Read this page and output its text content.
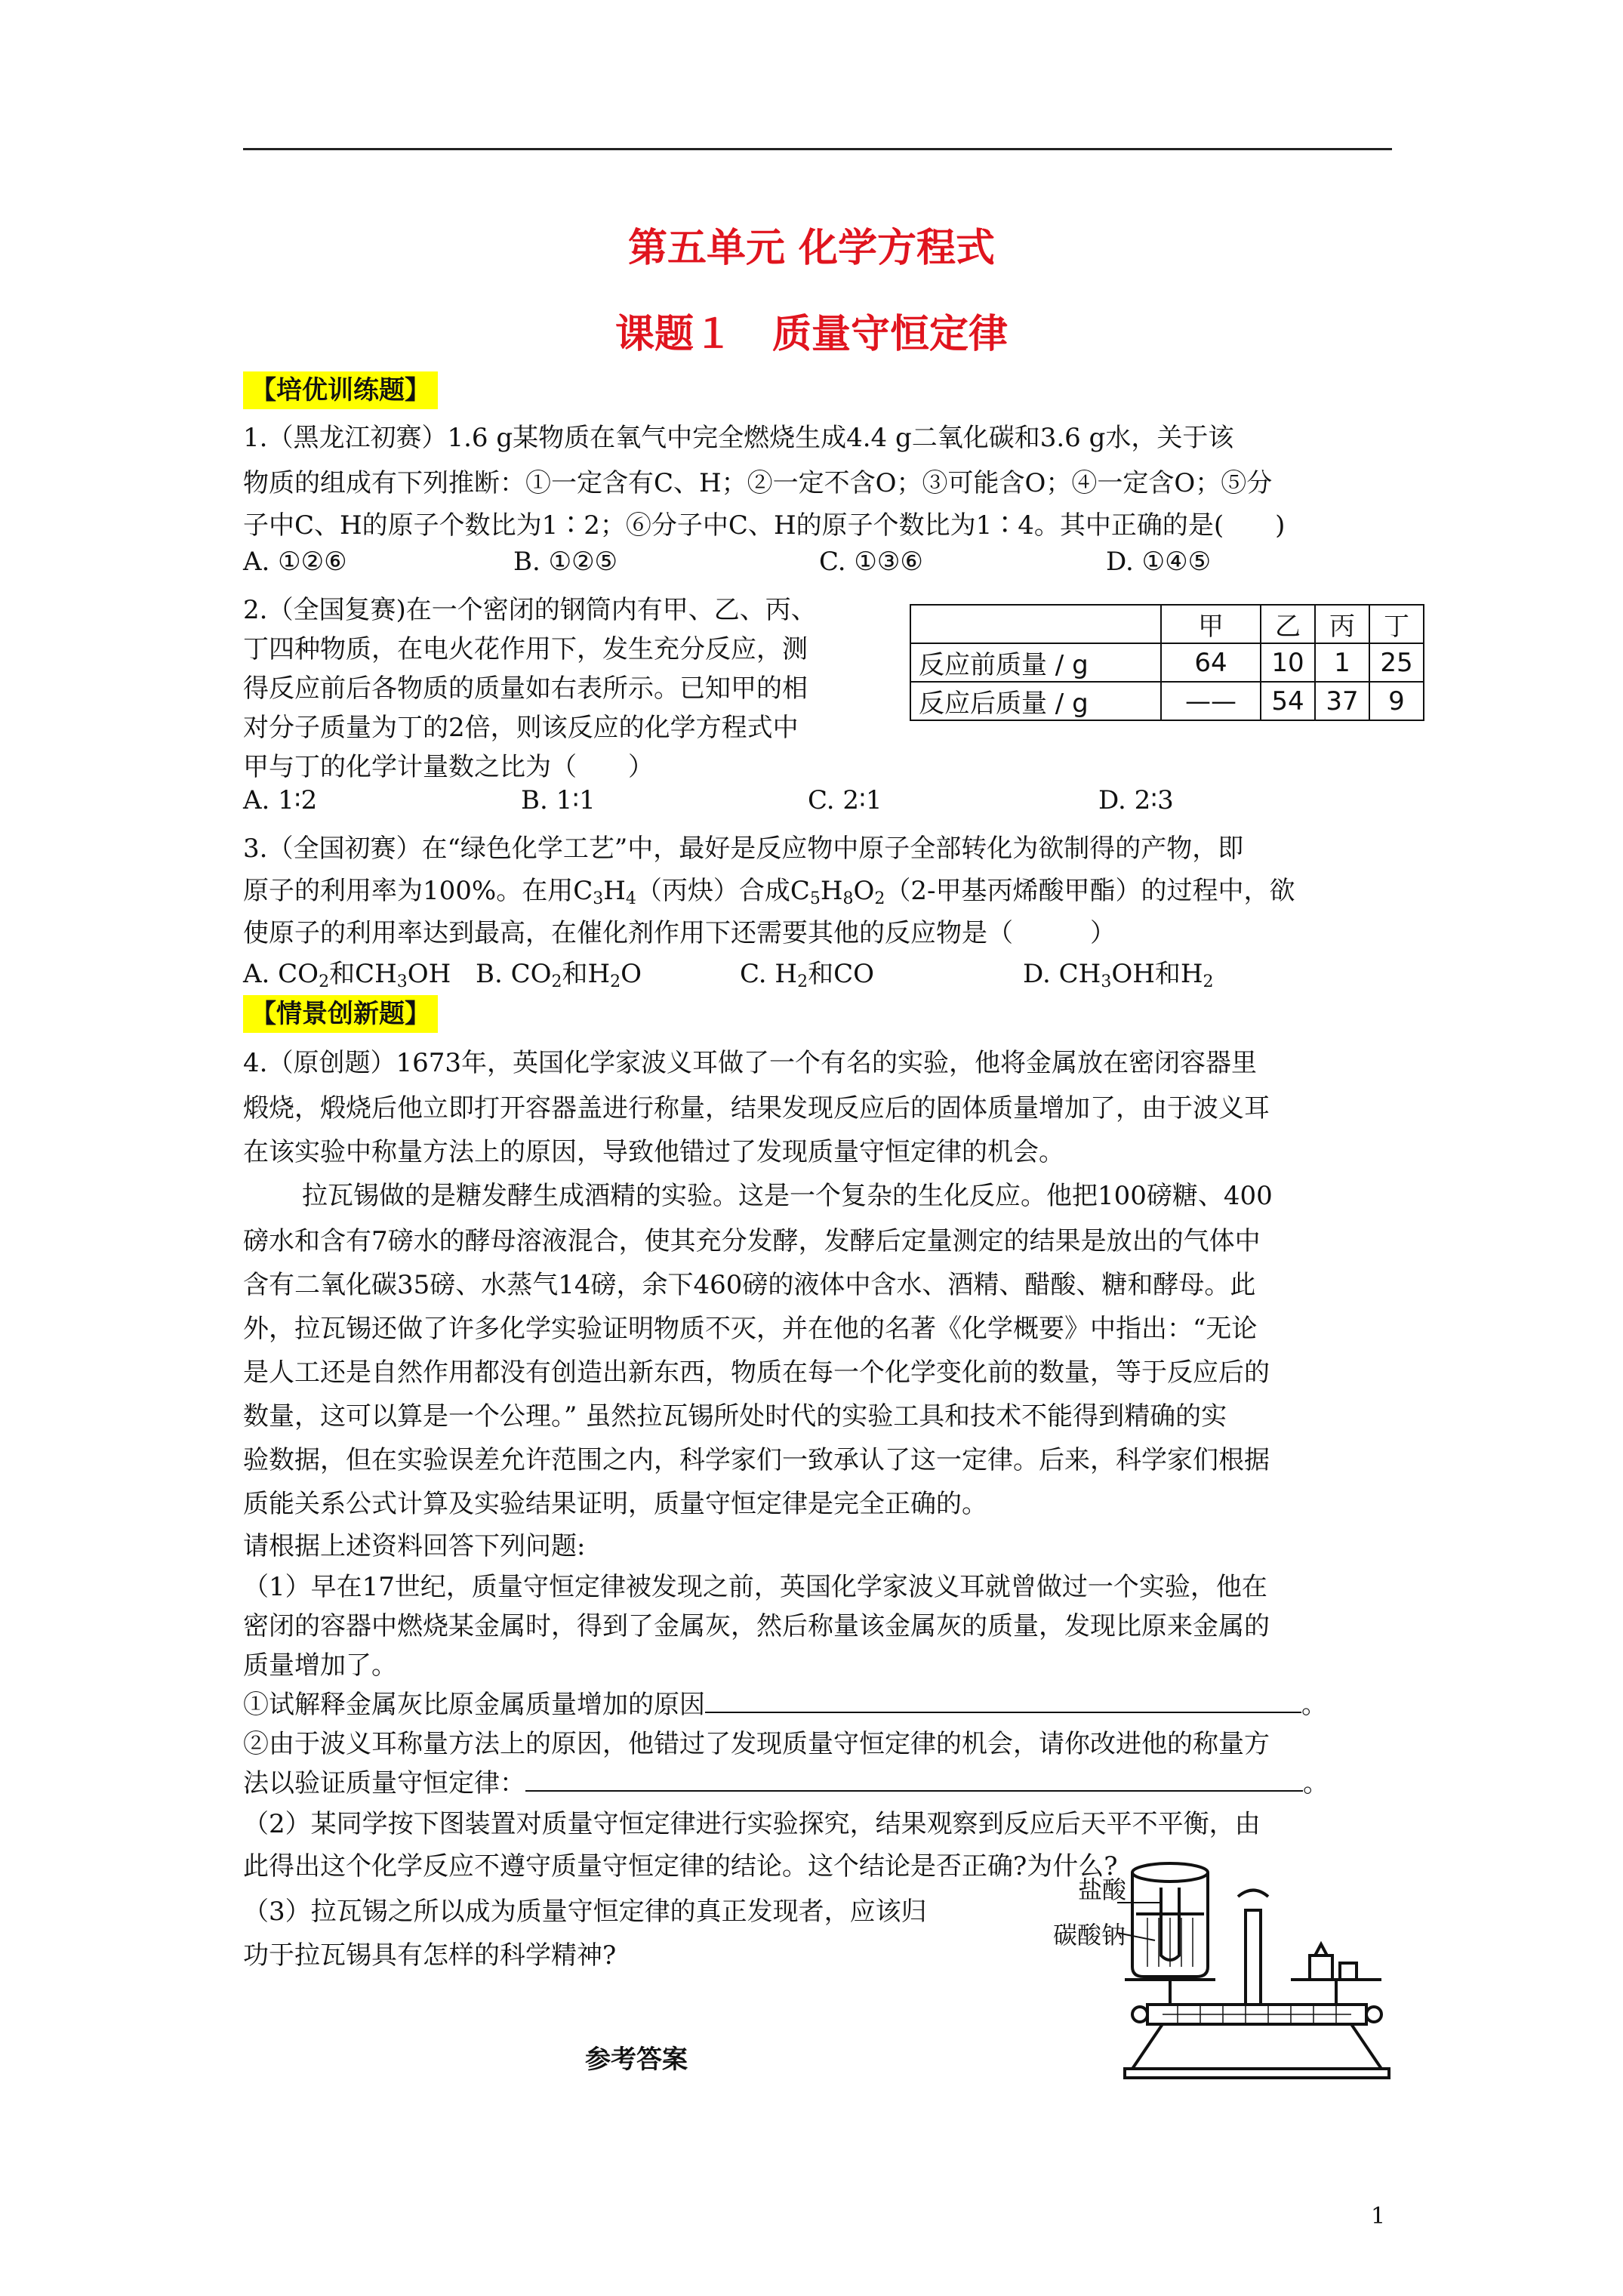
第五单元 化学方程式
课题１　质量守恒定律
【培优训练题】
1.（黑龙江初赛）1.6 g某物质在氧气中完全燃烧生成4.4 g二氧化碳和3.6 g水，关于该
物质的组成有下列推断：①一定含有C、H；②一定不含O；③可能含O；④一定含O；⑤分
子中C、H的原子个数比为1∶2；⑥分子中C、H的原子个数比为1∶4。其中正确的是(　　)
A. ①②⑥	B. ①②⑤	C. ①③⑥	D. ①④⑤
2.（全国复赛)在一个密闭的钢筒内有甲、乙、丙、
丁四种物质，在电火花作用下，发生充分反应，测
得反应前后各物质的质量如右表所示。已知甲的相
对分子质量为丁的2倍，则该反应的化学方程式中
甲与丁的化学计量数之比为（　　）
	甲	乙	丙	丁
反应前质量 / g	64	10	1	25
反应后质量 / g	——	54	37	9
A. 1∶2	B. 1∶1	C. 2∶1	D. 2∶3
3.（全国初赛）在“绿色化学工艺”中，最好是反应物中原子全部转化为欲制得的产物，即
原子的利用率为100%。在用$C_3H_4$（丙炔）合成$C_5H_8O_2(2-$甲基丙烯酸甲酯）的过程中，欲
使原子的利用率达到最高，在催化剂作用下还需要其他的反应物是（　　　）
A. $CO_2$和$CH_3OH$ B. $CO_2$和$H_2O$	C. $H_2$和CO	D. $CH_3OH$和$H_2$
【情景创新题】
4.（原创题）1673年，英国化学家波义耳做了一个有名的实验，他将金属放在密闭容器里
煅烧，煅烧后他立即打开容器盖进行称量，结果发现反应后的固体质量增加了，由于波义耳
在该实验中称量方法上的原因，导致他错过了发现质量守恒定律的机会。
拉瓦锡做的是糖发酵生成酒精的实验。这是一个复杂的生化反应。他把100磅糖、400
磅水和含有7磅水的酵母溶液混合，使其充分发酵，发酵后定量测定的结果是放出的气体中
含有二氧化碳35磅、水蒸气14磅，余下460磅的液体中含水、酒精、醋酸、糖和酵母。此
外，拉瓦锡还做了许多化学实验证明物质不灭，并在他的名著《化学概要》中指出：“无论
是人工还是自然作用都没有创造出新东西，物质在每一个化学变化前的数量，等于反应后的
数量，这可以算是一个公理。” 虽然拉瓦锡所处时代的实验工具和技术不能得到精确的实
验数据，但在实验误差允许范围之内，科学家们一致承认了这一定律。后来，科学家们根据
质能关系公式计算及实验结果证明，质量守恒定律是完全正确的。
请根据上述资料回答下列问题:
（1）早在17世纪，质量守恒定律被发现之前，英国化学家波义耳就曾做过一个实验，他在
密闭的容器中燃烧某金属时，得到了金属灰，然后称量该金属灰的质量，发现比原来金属的
质量增加了。
①试解释金属灰比原金属质量增加的原因	。
②由于波义耳称量方法上的原因，他错过了发现质量守恒定律的机会，请你改进他的称量方
法以验证质量守恒定律：	。
（2）某同学按下图装置对质量守恒定律进行实验探究，结果观察到反应后天平不平衡，由
此得出这个化学反应不遵守质量守恒定律的结论。这个结论是否正确?为什么?
（3）拉瓦锡之所以成为质量守恒定律的真正发现者，应该归
功于拉瓦锡具有怎样的科学精神?
盐酸
碳酸钠
参考答案
1
